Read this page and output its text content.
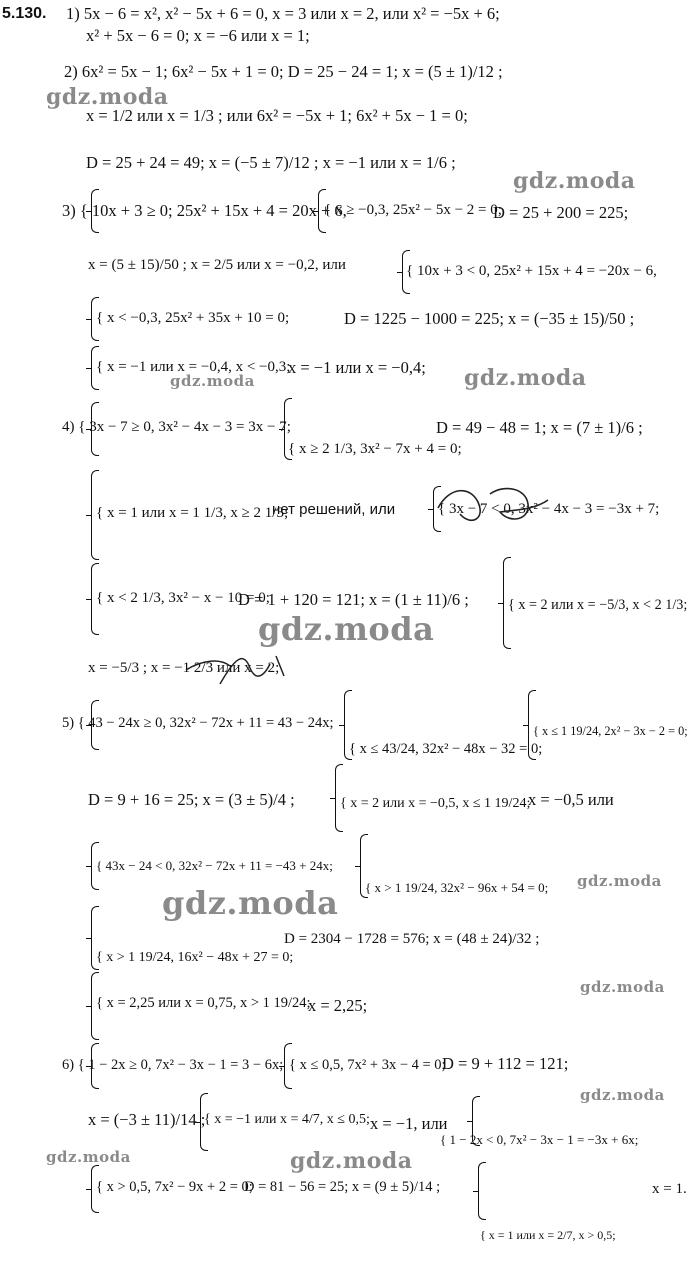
5.130. 1) 5x − 6 = x², x² − 5x + 6 = 0, x = 3 или x = 2, или x² = −5x + 6;
x² + 5x − 6 = 0; x = −6 или x = 1;
2) 6x² = 5x − 1; 6x² − 5x + 1 = 0; D = 25 − 24 = 1; x = (5 ± 1)/12 ;
x = 1/2 или x = 1/3 ; или 6x² = −5x + 1; 6x² + 5x − 1 = 0;
D = 25 + 24 = 49; x = (−5 ± 7)/12 ; x = −1 или x = 1/6 ;
3) { 10x + 3 ≥ 0; 25x² + 15x + 4 = 20x + 6,
{ x ≥ −0,3, 25x² − 5x − 2 = 0;
D = 25 + 200 = 225;
x = (5 ± 15)/50 ; x = 2/5 или x = −0,2, или	{ 10x + 3 < 0, 25x² + 15x + 4 = −20x − 6,
{ x < −0,3, 25x² + 35x + 10 = 0;	D = 1225 − 1000 = 225; x = (−35 ± 15)/50 ;
{ x = −1 или x = −0,4, x < −0,3;
x = −1 или x = −0,4;
4) { 3x − 7 ≥ 0, 3x² − 4x − 3 = 3x − 7;
{ x ≥ 2 1/3, 3x² − 7x + 4 = 0;
D = 49 − 48 = 1; x = (7 ± 1)/6 ;
{ x = 1 или x = 1 1/3, x ≥ 2 1/3;
нет решений, или	{ 3x − 7 < 0, 3x² − 4x − 3 = −3x + 7;
{ x < 2 1/3, 3x² − x − 10 = 0;
D = 1 + 120 = 121; x = (1 ± 11)/6 ;	{ x = 2 или x = −5/3, x < 2 1/3;
x = −5/3 ; x = −1 2/3 или x = 2;
5) { 43 − 24x ≥ 0, 32x² − 72x + 11 = 43 − 24x;
{ x ≤ 43/24, 32x² − 48x − 32 = 0;
{ x ≤ 1 19/24, 2x² − 3x − 2 = 0;
D = 9 + 16 = 25; x = (3 ± 5)/4 ;	{ x = 2 или x = −0,5, x ≤ 1 19/24;
x = −0,5 или
{ 43x − 24 < 0, 32x² − 72x + 11 = −43 + 24x;
{ x > 1 19/24, 32x² − 96x + 54 = 0;
{ x > 1 19/24, 16x² − 48x + 27 = 0;
D = 2304 − 1728 = 576; x = (48 ± 24)/32 ;
{ x = 2,25 или x = 0,75, x > 1 19/24;
x = 2,25;
6) { 1 − 2x ≥ 0, 7x² − 3x − 1 = 3 − 6x; { x ≤ 0,5, 7x² + 3x − 4 = 0;
D = 9 + 112 = 121;
x = (−3 ± 11)/14 ;
{ x = −1 или x = 4/7, x ≤ 0,5; x = −1, или
{ 1 − 2x < 0, 7x² − 3x − 1 = −3x + 6x;
{ x > 0,5, 7x² − 9x + 2 = 0;
D = 81 − 56 = 25; x = (9 ± 5)/14 ;
{ x = 1 или x = 2/7, x > 0,5;
x = 1.
gdz.moda
gdz.moda
gdz.moda	gdz.moda
gdz.moda
gdz.moda
gdz.moda
gdz.moda
gdz.moda
gdz.moda	gdz.moda
